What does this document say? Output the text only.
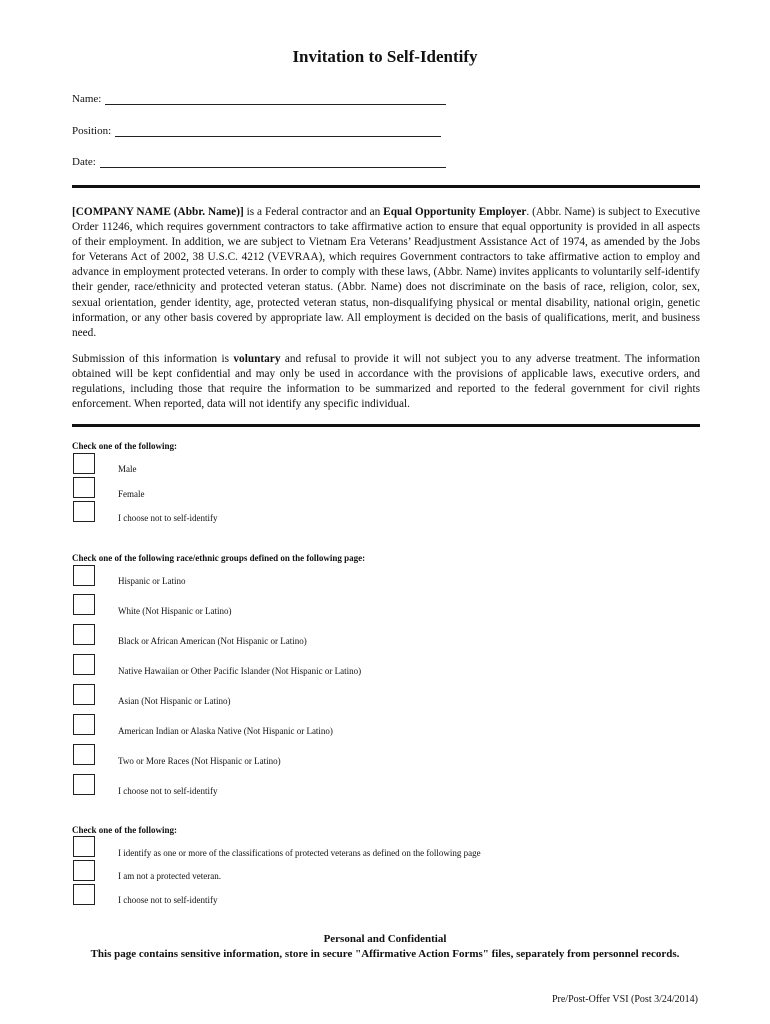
Invitation to Self-Identify
Name:
Position:
Date:
[COMPANY NAME (Abbr. Name)] is a Federal contractor and an Equal Opportunity Employer. (Abbr. Name) is subject to Executive Order 11246, which requires government contractors to take affirmative action to ensure that equal opportunity is provided in all aspects of their employment. In addition, we are subject to Vietnam Era Veterans’ Readjustment Assistance Act of 1974, as amended by the Jobs for Veterans Act of 2002, 38 U.S.C. 4212 (VEVRAA), which requires Government contractors to take affirmative action to employ and advance in employment protected veterans. In order to comply with these laws, (Abbr. Name) invites applicants to voluntarily self-identify their gender, race/ethnicity and protected veteran status. (Abbr. Name) does not discriminate on the basis of race, religion, color, sex, sexual orientation, gender identity, age, protected veteran status, non-disqualifying physical or mental disability, national origin, genetic information, or any other basis covered by appropriate law. All employment is decided on the basis of qualifications, merit, and business need.
Submission of this information is voluntary and refusal to provide it will not subject you to any adverse treatment. The information obtained will be kept confidential and may only be used in accordance with the provisions of applicable laws, executive orders, and regulations, including those that require the information to be summarized and reported to the federal government for civil rights enforcement. When reported, data will not identify any specific individual.
Check one of the following:
Male
Female
I choose not to self-identify
Check one of the following race/ethnic groups defined on the following page:
Hispanic or Latino
White (Not Hispanic or Latino)
Black or African American (Not Hispanic or Latino)
Native Hawaiian or Other Pacific Islander (Not Hispanic or Latino)
Asian (Not Hispanic or Latino)
American Indian or Alaska Native (Not Hispanic or Latino)
Two or More Races (Not Hispanic or Latino)
I choose not to self-identify
Check one of the following:
I identify as one or more of the classifications of protected veterans as defined on the following page
I am not a protected veteran.
I choose not to self-identify
Personal and Confidential
This page contains sensitive information, store in secure "Affirmative Action Forms" files, separately from personnel records.
Pre/Post-Offer VSI (Post 3/24/2014)
